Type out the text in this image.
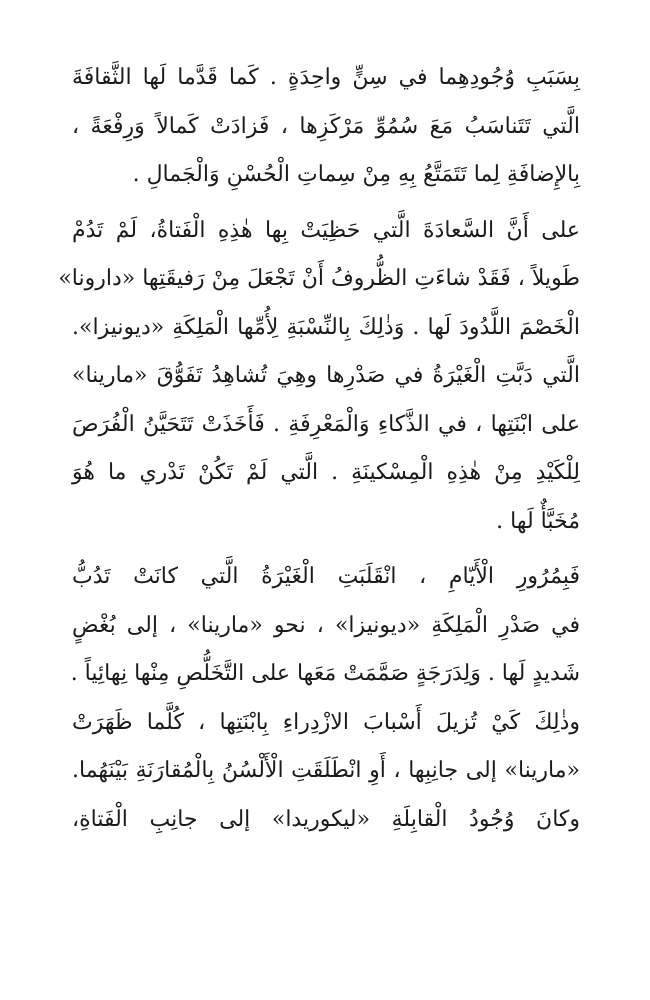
بِسَبَبِ وُجُودِهِما في سِنٍّ واحِدَةٍ . كَما قَدَّما لَها الثَّقافَةَ
الَّتي تَتَناسَبُ مَعَ سُمُوِّ مَرْكَزِها ، فَزادَتْ كَمالاً وَرِفْعَةً ،
بِالإِضافَةِ لِما تَتَمَتَّعُ بِهِ مِنْ سِماتِ الْحُسْنِ وَالْجَمالِ .

على أَنَّ السَّعادَةَ الَّتي حَظِيَتْ بِها هٰذِهِ الْفَتاةُ، لَمْ تَدُمْ
طَويلاً ، فَقَدْ شاءَتِ الظُّروفُ أَنْ تَجْعَلَ مِنْ رَفيقَتِها «دارونا»
الْخَصْمَ اللَّدُودَ لَها . وَذٰلِكَ بِالنِّسْبَةِ لِأُمِّها الْمَلِكَةِ «ديونيزا».
الَّتي دَبَّتِ الْغَيْرَةُ في صَدْرِها وهِيَ تُشاهِدُ تَفَوُّقَ «مارينا»
على ابْنَتِها ، في الذَّكاءِ وَالْمَعْرِفَةِ . فَأَخَذَتْ تَتَحَيَّنُ الْفُرَصَ
لِلْكَيْدِ مِنْ هٰذِهِ الْمِسْكينَةِ . الَّتي لَمْ تَكُنْ تَدْري ما هُوَ
مُخَبَّأٌ لَها .

فَبِمُرُورِ الْأَيّامِ ، انْقَلَبَتِ الْغَيْرَةُ الَّتي كانَتْ تَدُبُّ
في صَدْرِ الْمَلِكَةِ «ديونيزا» ، نحو «مارينا» ، إلى بُغْضٍ
شَديدٍ لَها . وَلِدَرَجَةٍ صَمَّمَتْ مَعَها على التَّخَلُّصِ مِنْها نِهائِياً .
وذٰلِكَ كَيْ تُزيلَ أَسْبابَ الازْدِراءِ بِابْنَتِها ، كُلَّما ظَهَرَتْ
«مارينا» إلى جانِبِها ، أَوِ انْطَلَقَتِ الْأَلْسُنُ بِالْمُقارَنَةِ بَيْنَهُما.
وكانَ وُجُودُ الْقابِلَةِ «ليكوريدا» إلى جانِبِ الْفَتاةِ،
